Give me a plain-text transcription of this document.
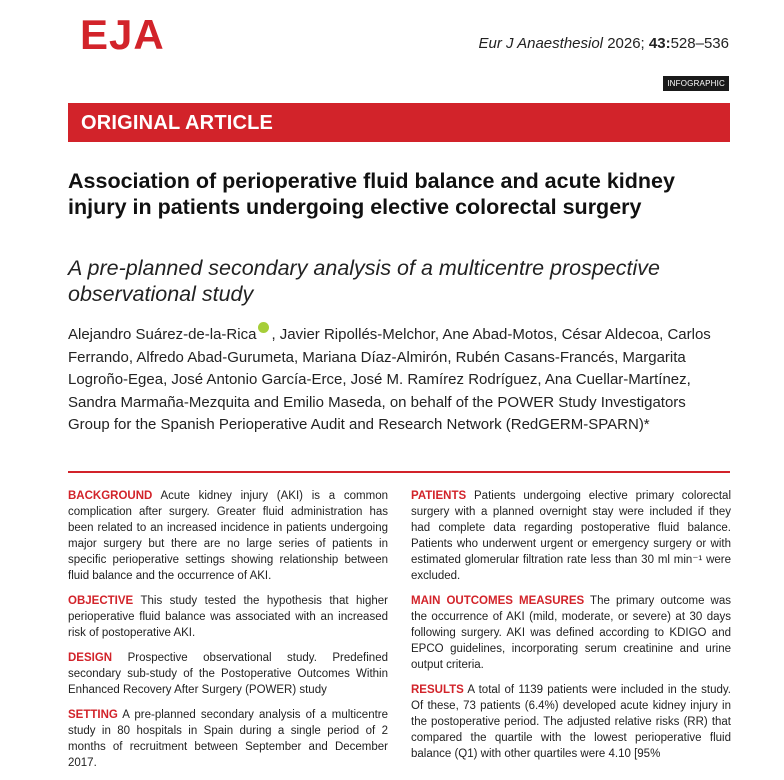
EJA	Eur J Anaesthesiol 2026; 43:528–536
INFOGRAPHIC
ORIGINAL ARTICLE
Association of perioperative fluid balance and acute kidney injury in patients undergoing elective colorectal surgery
A pre-planned secondary analysis of a multicentre prospective observational study
Alejandro Suárez-de-la-Rica , Javier Ripollés-Melchor, Ane Abad-Motos, César Aldecoa, Carlos Ferrando, Alfredo Abad-Gurumeta, Mariana Díaz-Almirón, Rubén Casans-Francés, Margarita Logroño-Egea, José Antonio García-Erce, José M. Ramírez Rodríguez, Ana Cuellar-Martínez, Sandra Marmaña-Mezquita and Emilio Maseda, on behalf of the POWER Study Investigators Group for the Spanish Perioperative Audit and Research Network (RedGERM-SPARN)*

BACKGROUND Acute kidney injury (AKI) is a common complication after surgery. Greater fluid administration has been related to an increased incidence in patients undergoing major surgery but there are no large series of patients in specific perioperative settings showing relationship between fluid balance and the occurrence of AKI.

OBJECTIVE This study tested the hypothesis that higher perioperative fluid balance was associated with an increased risk of postoperative AKI.

DESIGN Prospective observational study. Predefined secondary sub-study of the Postoperative Outcomes Within Enhanced Recovery After Surgery (POWER) study

SETTING A pre-planned secondary analysis of a multicentre study in 80 hospitals in Spain during a single period of 2 months of recruitment between September and December 2017.

PATIENTS Patients undergoing elective primary colorectal surgery with a planned overnight stay were included if they had complete data regarding postoperative fluid balance. Patients who underwent urgent or emergency surgery or with estimated glomerular filtration rate less than 30 ml min⁻¹ were excluded.

MAIN OUTCOMES MEASURES The primary outcome was the occurrence of AKI (mild, moderate, or severe) at 30 days following surgery. AKI was defined according to KDIGO and EPCO guidelines, incorporating serum creatinine and urine output criteria.

RESULTS A total of 1139 patients were included in the study. Of these, 73 patients (6.4%) developed acute kidney injury in the postoperative period. The adjusted relative risks (RR) that compared the quartile with the lowest perioperative fluid balance (Q1) with other quartiles were 4.10 [95%
